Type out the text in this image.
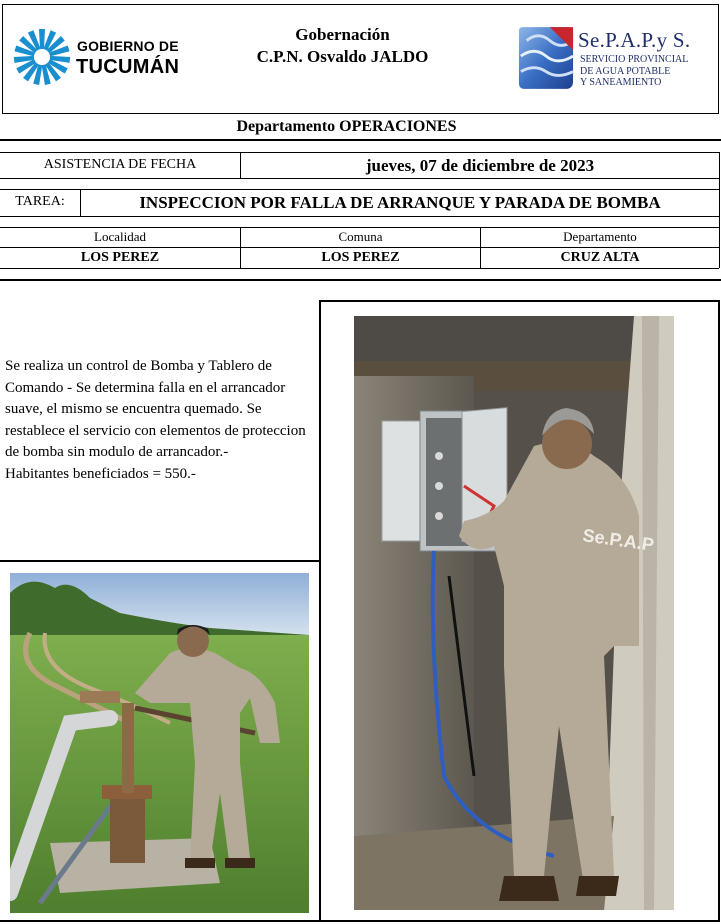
GOBIERNO DE
TUCUMÁN
Gobernación
C.P.N. Osvaldo JALDO
Se.P.A.P.y S.
SERVICIO PROVINCIAL
DE AGUA POTABLE
Y SANEAMIENTO
Departamento OPERACIONES
ASISTENCIA DE FECHA	jueves, 07 de diciembre de 2023
TAREA:	INSPECCION POR FALLA DE ARRANQUE Y PARADA DE BOMBA
Localidad	Comuna	Departamento
LOS PEREZ	LOS PEREZ	CRUZ ALTA

Se realiza un control de Bomba y Tablero de Comando - Se determina falla en el arrancador suave, el mismo se encuentra quemado. Se restablece el servicio con elementos de proteccion de bomba sin modulo de arrancador.-

Habitantes beneficiados = 550.-

Se.P.A.P
